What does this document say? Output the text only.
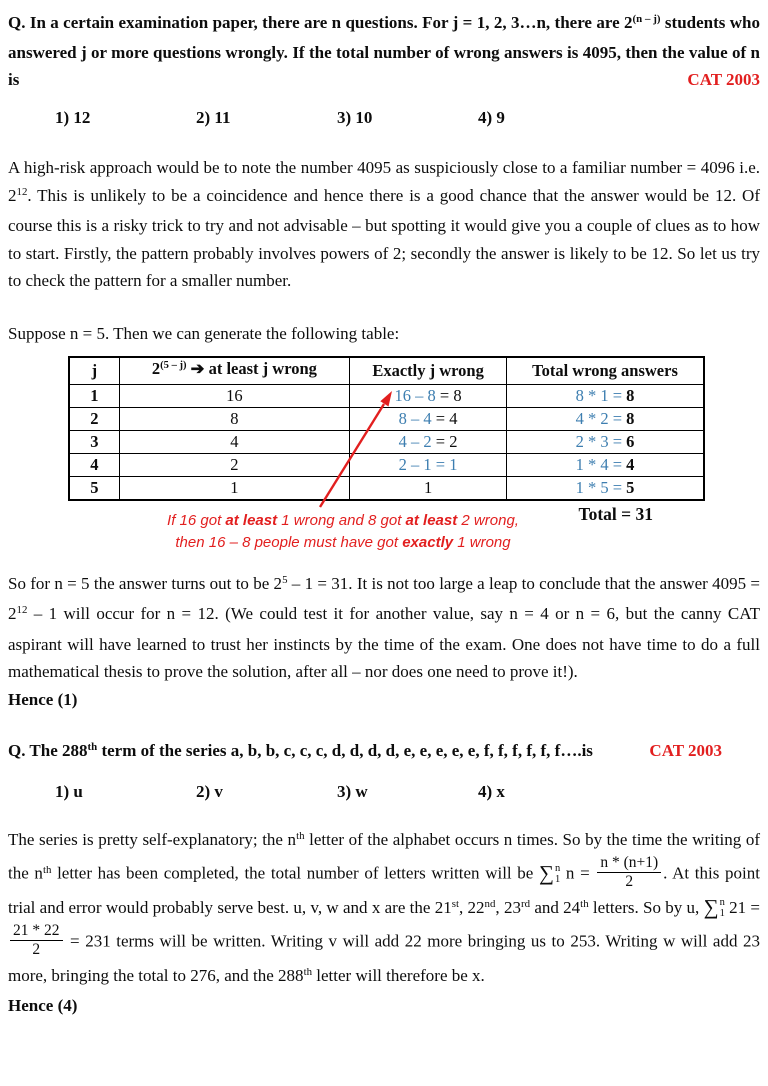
Q. In a certain examination paper, there are n questions. For j = 1, 2, 3…n, there are 2$^{(n - j)}$ students who answered j or more questions wrongly. If the total number of wrong answers is 4095, then the value of n is	CAT 2003

1) 12	2) 11	3) 10	4) 9

A high-risk approach would be to note the number 4095 as suspiciously close to a familiar number = 4096 i.e. $2^{12}$. This is unlikely to be a coincidence and hence there is a good chance that the answer would be 12. Of course this is a risky trick to try and not advisable – but spotting it would give you a couple of clues as to how to start. Firstly, the pattern probably involves powers of 2; secondly the answer is likely to be 12. So let us try to check the pattern for a smaller number.

Suppose n = 5. Then we can generate the following table:

j	2$^{(5 - j)}$ ➔ at least j wrong	Exactly j wrong	Total wrong answers
1	16	16 – 8 = 8	8 * 1 = 8
2	8	8 – 4 = 4	4 * 2 = 8
3	4	4 – 2 = 2	2 * 3 = 6
4	2	2 – 1 = 1	1 * 4 = 4
5	1	1	1 * 5 = 5
If 16 got at least 1 wrong and 8 got at least 2 wrong,
then 16 – 8 people must have got exactly 1 wrong
Total = 31

So for n = 5 the answer turns out to be $2^5 - 1 = 31$. It is not too large a leap to conclude that the answer $4095 = 2^{12} - 1$ will occur for n = 12. (We could test it for another value, say n = 4 or n = 6, but the canny CAT aspirant will have learned to trust her instincts by the time of the exam. One does not have time to do a full mathematical thesis to prove the solution, after all – nor does one need to prove it!).

Hence (1)

Q. The 288th term of the series a, b, b, c, c, c, d, d, d, d, e, e, e, e, e, f, f, f, f, f, f….is	CAT 2003

1) u	2) v	3) w	4) x

The series is pretty self-explanatory; the $n^{th}$ letter of the alphabet occurs n times. So by the time the writing of the $n^{th}$ letter has been completed, the total number of letters written will be ∑ n
1 $n = \frac{n * (n+1)}{2}$ . At this point trial and error would probably serve best. u, v, w and x are the 21st, 22nd, 23rd and 24th letters. So by u, ∑ n
1 21 =
$\frac{21 * 22}{2} = 231$ terms will be written. Writing v will add 22 more bringing us to 253. Writing w will add 23 more, bringing the total to 276, and the 288th letter will therefore be x.

Hence (4)
